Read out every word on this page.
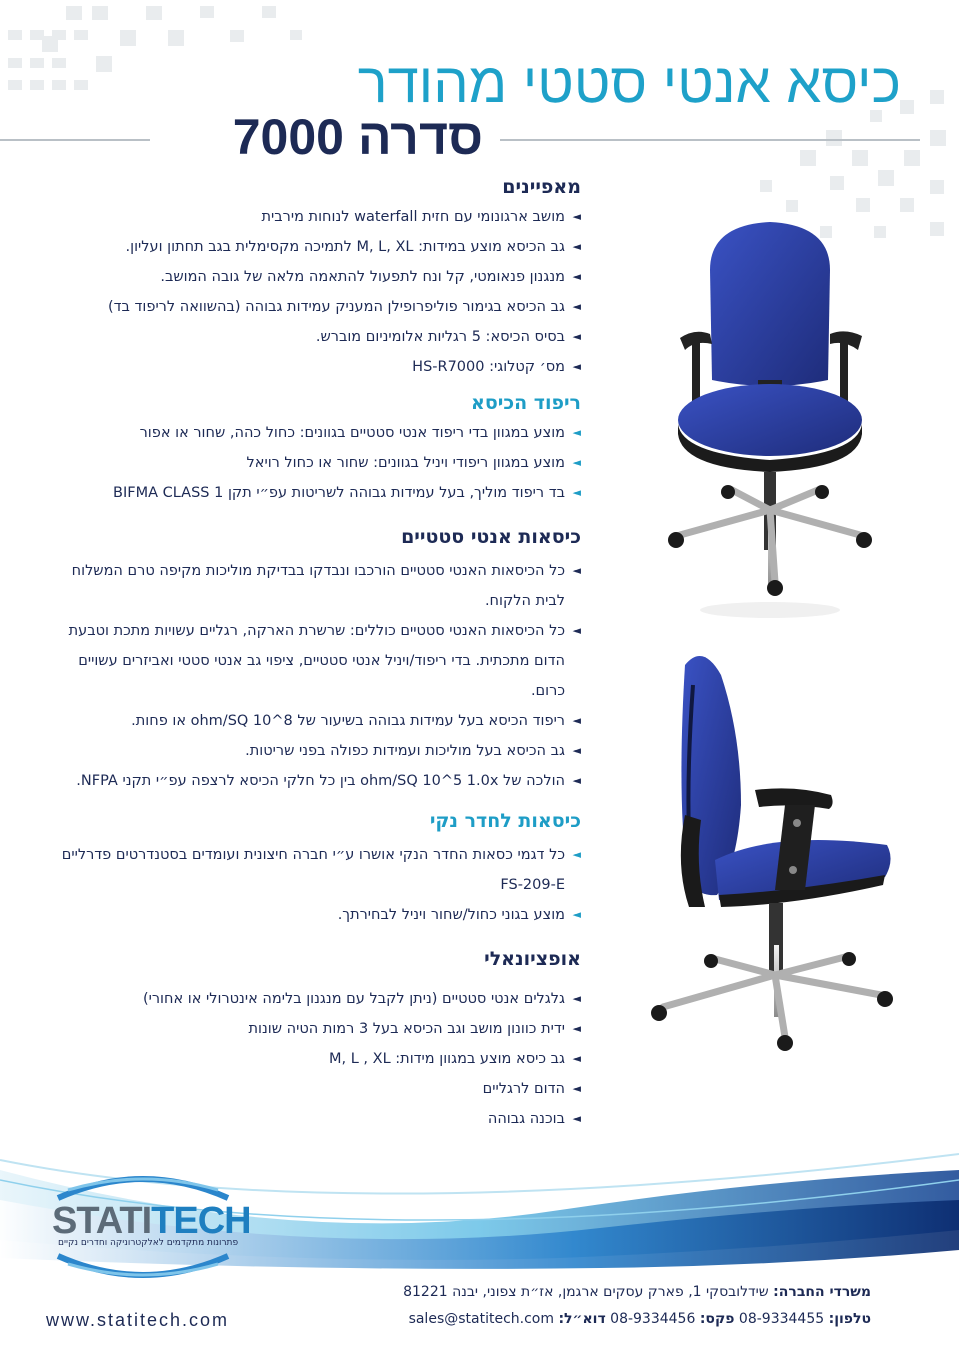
כיסא אנטי סטטי מהודר
סדרה 7000
מאפיינים
◄
מושב ארגונומי עם חזית waterfall לנוחות מירבית
◄
גב הכיסא מוצע במידות: M, L, XL לתמיכה מקסימלית בגב תחתון ועליון.
◄
מנגנון פנאומטי, קל ונח לתפעול להתאמה מלאה של גובה המושב.
◄
גב הכיסא בגימור פוליפרופילן המעניק עמידות גבוהה (בהשוואה לריפוד בד)
◄
בסיס הכיסא: 5 רגליות אלומיניום מוברש.
◄
מס׳ קטלוגי: HS-R7000
ריפוד הכיסא
◄
מוצע במגוון בדי ריפוד אנטי סטטיים בגוונים: כחול כהה, שחור או אפור
◄
מוצע במגוון ריפודי ויניל בגוונים: שחור או כחול רויאל
◄
בד ריפוד מוליך, בעל עמידות גבוהה לשריטות עפ״י תקן BIFMA CLASS 1
כיסאות אנטי סטטיים
◄
כל הכיסאות האנטי סטטיים הורכבו ונבדקו בבדיקת מוליכות מקיפה טרם המשלוח לבית הלקוח.
◄
כל הכיסאות האנטי סטטיים כוללים: שרשרת הארקה, רגליים עשויות מתכת וטבעת הדום מתכתית. בדי ריפוד/ויניל אנטי סטטיים, ציפוי גב אנטי סטטי ואביזרים עשויים כרום.
◄
ריפוד הכיסא בעל עמידות גבוהה בשיעור של ohm/SQ 10^8 או פחות.
◄
גב הכיסא בעל מוליכות ועמידות כפולה בפני שריטות.
◄
הולכה של ohm/SQ 10^5 1.0x בין כל חלקי הכיסא לרצפה עפ״י תקני NFPA.
כיסאות לחדר נקי
◄
כל דגמי כסאות החדר הנקי אושרו ע״י חברה חיצונית ועומדים בסטנדרטים פדרליים FS-209-E
◄
מוצע בגוני כחול/שחור ויניל לבחירתך.
אופציונאלי
◄
גלגלים אנטי סטטיים (ניתן לקבל עם מנגנון בלימה אינטרולי או אחורי)
◄
ידית כוונון מושב וגב הכיסא בעל 3 רמות הטיה שונות
◄
גב כיסא מוצע במגוון מידות: M, L , XL
◄
הדום לרגליים
◄
בוכנה גבוהה
STATITECH
פתרונות מתקדמים לאלקטרוניקה וחדרים נקיים
www.statitech.com
משרדי החברה: שידלובסקי 1, פארק עסקים ארגמן, אז״ת צפוני, יבנה 81221
טלפון: 08-9334455 פקס: 08-9334456 דוא״ל: sales@statitech.com
